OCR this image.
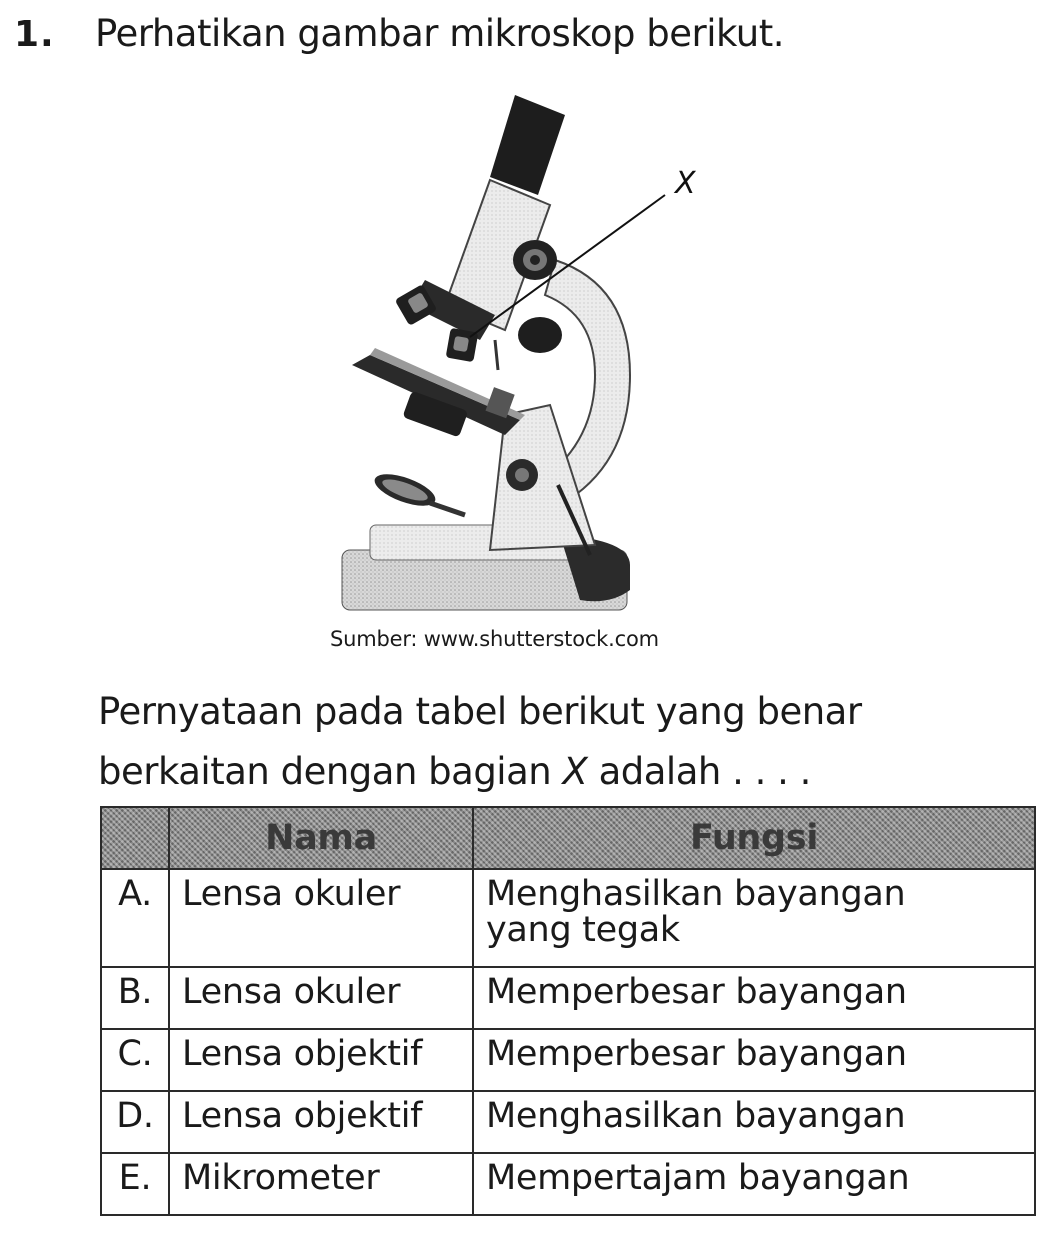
1. Perhatikan gambar mikroskop berikut.
X
Sumber: www.shutterstock.com
Pernyataan pada tabel berikut yang benar
berkaitan dengan bagian X adalah . . . .
	Nama	Fungsi
A.	Lensa okuler	Menghasilkan bayangan
yang tegak

B.	Lensa okuler	Memperbesar bayangan
C.	Lensa objektif	Memperbesar bayangan
D.	Lensa objektif	Menghasilkan bayangan
E.	Mikrometer	Mempertajam bayangan
